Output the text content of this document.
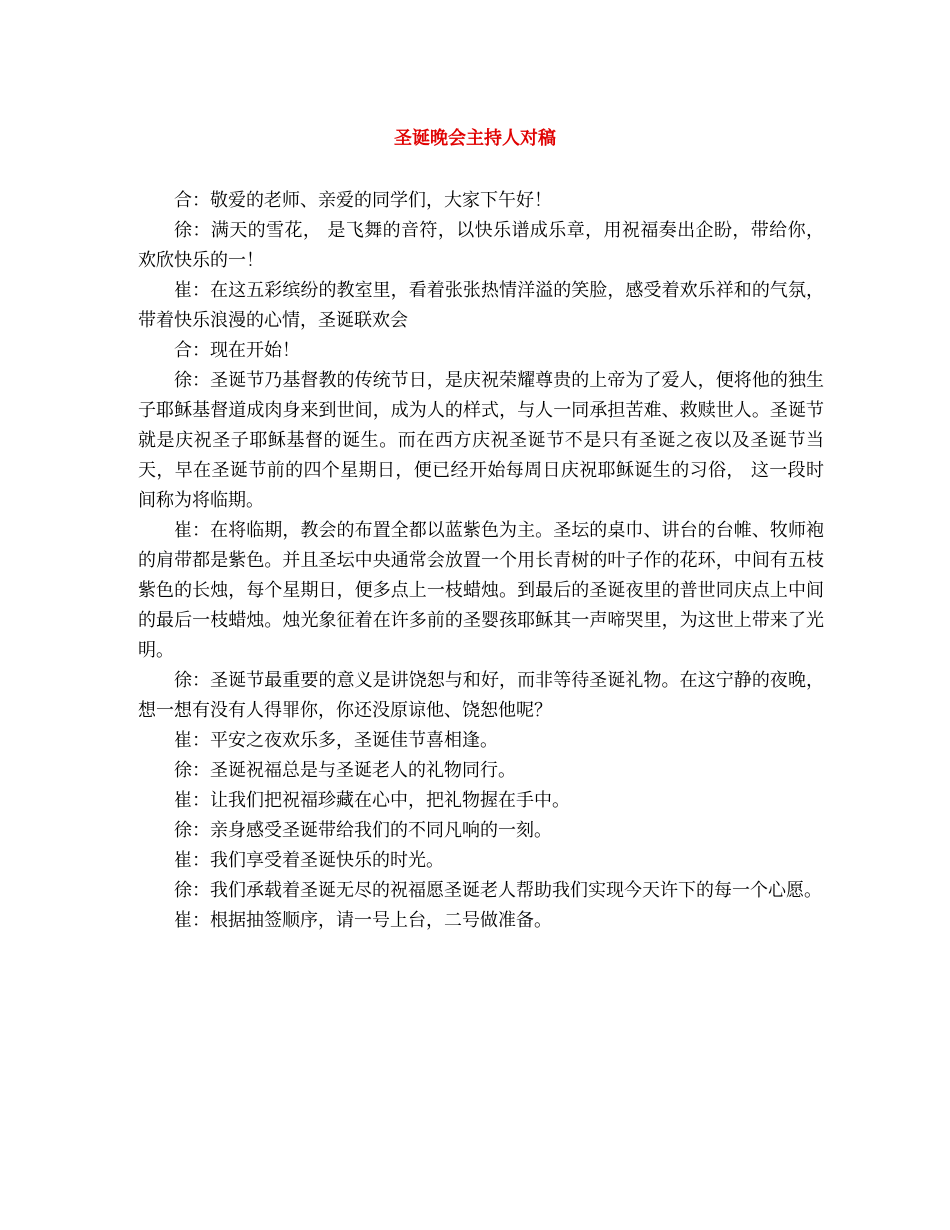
圣诞晚会主持人对稿

合：敬爱的老师、亲爱的同学们，大家下午好！

徐：满天的雪花， 是飞舞的音符，以快乐谱成乐章，用祝福奏出企盼，带给你， 欢欣快乐的一！

崔：在这五彩缤纷的教室里，看着张张热情洋溢的笑脸，感受着欢乐祥和的气氛，带着快乐浪漫的心情，圣诞联欢会

合：现在开始！

徐：圣诞节乃基督教的传统节日，是庆祝荣耀尊贵的上帝为了爱人，便将他的独生子耶稣基督道成肉身来到世间，成为人的样式，与人一同承担苦难、救赎世人。圣诞节就是庆祝圣子耶稣基督的诞生。而在西方庆祝圣诞节不是只有圣诞之夜以及圣诞节当天，早在圣诞节前的四个星期日，便已经开始每周日庆祝耶稣诞生的习俗， 这一段时间称为将临期。

崔：在将临期，教会的布置全都以蓝紫色为主。圣坛的桌巾、讲台的台帷、牧师袍的肩带都是紫色。并且圣坛中央通常会放置一个用长青树的叶子作的花环，中间有五枝紫色的长烛，每个星期日，便多点上一枝蜡烛。到最后的圣诞夜里的普世同庆点上中间的最后一枝蜡烛。烛光象征着在许多前的圣婴孩耶稣其一声啼哭里，为这世上带来了光明。

徐：圣诞节最重要的意义是讲饶恕与和好，而非等待圣诞礼物。在这宁静的夜晚，想一想有没有人得罪你，你还没原谅他、饶恕他呢？

崔：平安之夜欢乐多，圣诞佳节喜相逢。

徐：圣诞祝福总是与圣诞老人的礼物同行。

崔：让我们把祝福珍藏在心中，把礼物握在手中。

徐：亲身感受圣诞带给我们的不同凡响的一刻。

崔：我们享受着圣诞快乐的时光。

徐：我们承载着圣诞无尽的祝福愿圣诞老人帮助我们实现今天许下的每一个心愿。

崔：根据抽签顺序，请一号上台，二号做准备。
